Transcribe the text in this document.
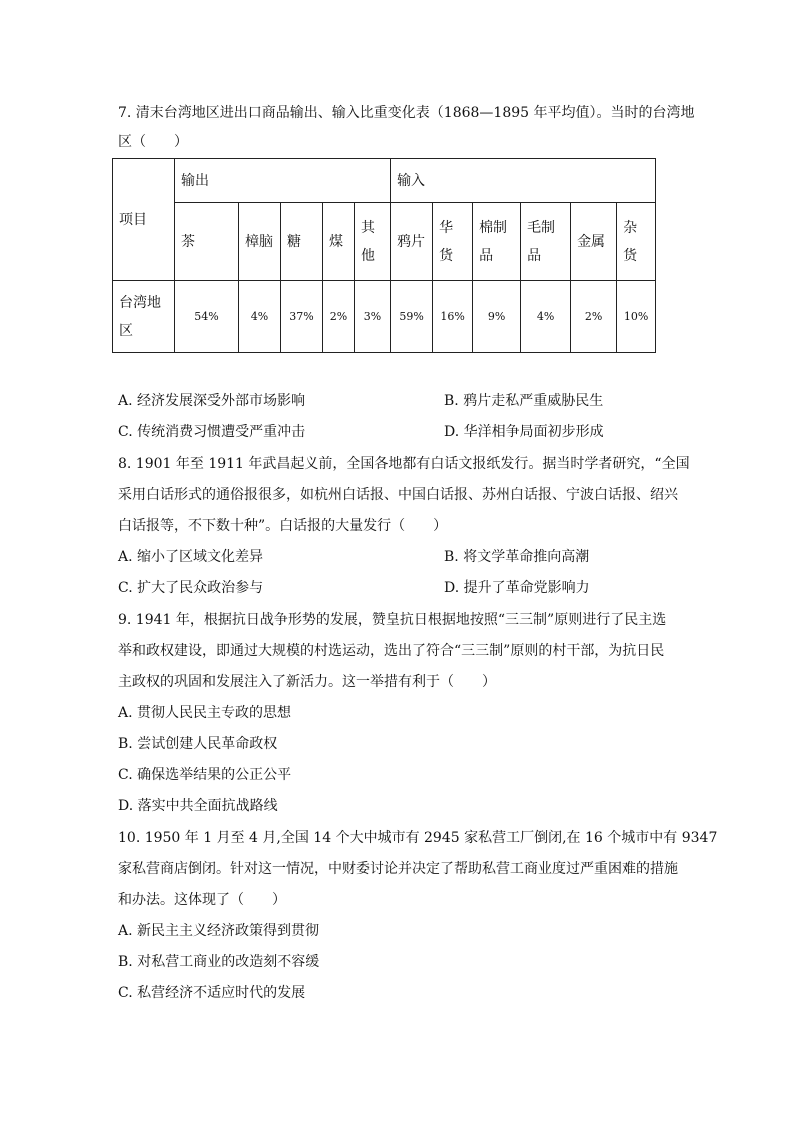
7. 清末台湾地区进出口商品输出、输入比重变化表（1868—1895 年平均值）。当时的台湾地
区（　　）
项目	输出					输入					
	茶	樟脑	糖	煤	其他	鸦片	华货	棉制品	毛制品	金属	杂货
台湾地区	54%	4%	37%	2%	3%	59%	16%	9%	4%	2%	10%
A. 经济发展深受外部市场影响	B. 鸦片走私严重威胁民生
C. 传统消费习惯遭受严重冲击	D. 华洋相争局面初步形成
8. 1901 年至 1911 年武昌起义前，全国各地都有白话文报纸发行。据当时学者研究，“全国
采用白话形式的通俗报很多，如杭州白话报、中国白话报、苏州白话报、宁波白话报、绍兴
白话报等，不下数十种”。白话报的大量发行（　　）
A. 缩小了区域文化差异	B. 将文学革命推向高潮
C. 扩大了民众政治参与	D. 提升了革命党影响力
9. 1941 年，根据抗日战争形势的发展，赞皇抗日根据地按照“三三制”原则进行了民主选
举和政权建设，即通过大规模的村选运动，选出了符合“三三制”原则的村干部，为抗日民
主政权的巩固和发展注入了新活力。这一举措有利于（　　）
A. 贯彻人民民主专政的思想
B. 尝试创建人民革命政权
C. 确保选举结果的公正公平
D. 落实中共全面抗战路线
10. 1950 年 1 月至 4 月,全国 14 个大中城市有 2945 家私营工厂倒闭,在 16 个城市中有 9347
家私营商店倒闭。针对这一情况，中财委讨论并决定了帮助私营工商业度过严重困难的措施
和办法。这体现了（　　）
A. 新民主主义经济政策得到贯彻
B. 对私营工商业的改造刻不容缓
C. 私营经济不适应时代的发展
